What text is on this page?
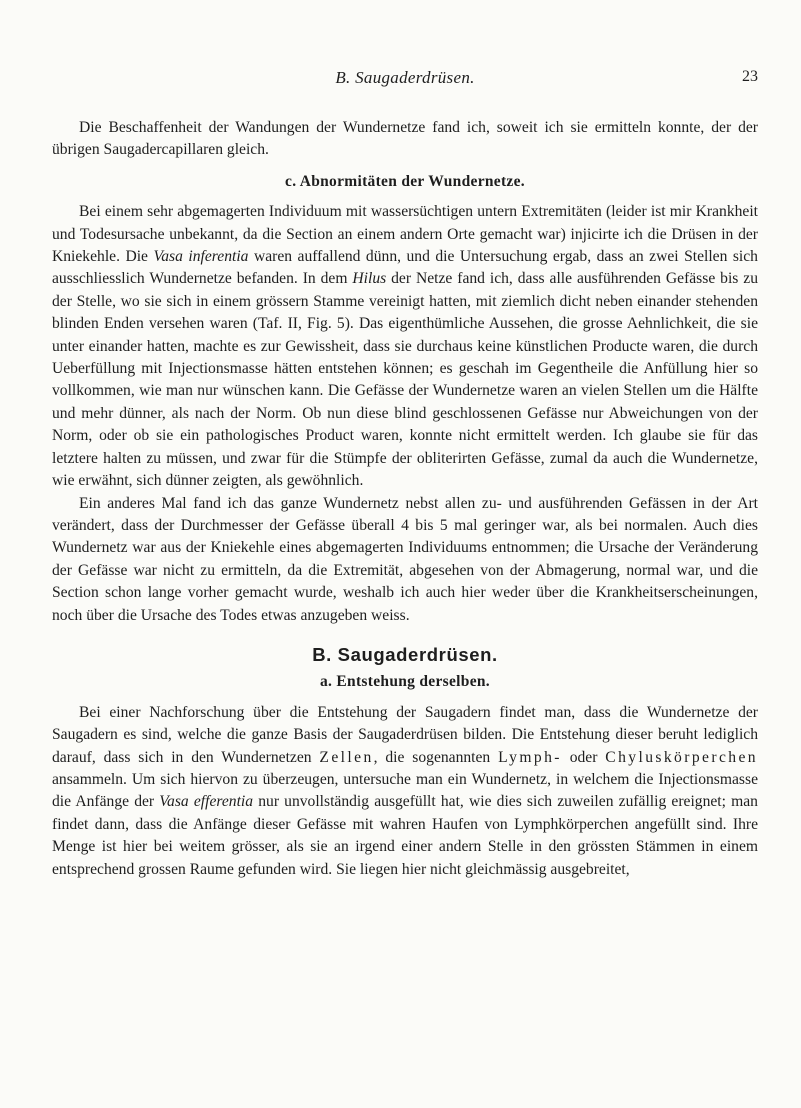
B. Saugaderdrüsen.	23

Die Beschaffenheit der Wandungen der Wundernetze fand ich, soweit ich sie ermitteln konnte, der der übrigen Saugadercapillaren gleich.

c. Abnormitäten der Wundernetze.

Bei einem sehr abgemagerten Individuum mit wassersüchtigen untern Extremitäten (leider ist mir Krankheit und Todesursache unbekannt, da die Section an einem andern Orte gemacht war) injicirte ich die Drüsen in der Kniekehle. Die Vasa inferentia waren auffallend dünn, und die Untersuchung ergab, dass an zwei Stellen sich ausschliesslich Wundernetze befanden. In dem Hilus der Netze fand ich, dass alle ausführenden Gefässe bis zu der Stelle, wo sie sich in einem grössern Stamme vereinigt hatten, mit ziemlich dicht neben einander stehenden blinden Enden versehen waren (Taf. II, Fig. 5). Das eigenthümliche Aussehen, die grosse Aehnlichkeit, die sie unter einander hatten, machte es zur Gewissheit, dass sie durchaus keine künstlichen Producte waren, die durch Ueberfüllung mit Injectionsmasse hätten entstehen können; es geschah im Gegentheile die Anfüllung hier so vollkommen, wie man nur wünschen kann. Die Gefässe der Wundernetze waren an vielen Stellen um die Hälfte und mehr dünner, als nach der Norm. Ob nun diese blind geschlossenen Gefässe nur Abweichungen von der Norm, oder ob sie ein pathologisches Product waren, konnte nicht ermittelt werden. Ich glaube sie für das letztere halten zu müssen, und zwar für die Stümpfe der obliterirten Gefässe, zumal da auch die Wundernetze, wie erwähnt, sich dünner zeigten, als gewöhnlich.

Ein anderes Mal fand ich das ganze Wundernetz nebst allen zu- und ausführenden Gefässen in der Art verändert, dass der Durchmesser der Gefässe überall 4 bis 5 mal geringer war, als bei normalen. Auch dies Wundernetz war aus der Kniekehle eines abgemagerten Individuums entnommen; die Ursache der Veränderung der Gefässe war nicht zu ermitteln, da die Extremität, abgesehen von der Abmagerung, normal war, und die Section schon lange vorher gemacht wurde, weshalb ich auch hier weder über die Krankheitserscheinungen, noch über die Ursache des Todes etwas anzugeben weiss.

B. Saugaderdrüsen.
a. Entstehung derselben.

Bei einer Nachforschung über die Entstehung der Saugadern findet man, dass die Wundernetze der Saugadern es sind, welche die ganze Basis der Saugaderdrüsen bilden. Die Entstehung dieser beruht lediglich darauf, dass sich in den Wundernetzen Zellen, die sogenannten Lymph- oder Chyluskörperchen ansammeln. Um sich hiervon zu überzeugen, untersuche man ein Wundernetz, in welchem die Injectionsmasse die Anfänge der Vasa efferentia nur unvollständig ausgefüllt hat, wie dies sich zuweilen zufällig ereignet; man findet dann, dass die Anfänge dieser Gefässe mit wahren Haufen von Lymphkörperchen angefüllt sind. Ihre Menge ist hier bei weitem grösser, als sie an irgend einer andern Stelle in den grössten Stämmen in einem entsprechend grossen Raume gefunden wird. Sie liegen hier nicht gleichmässig ausgebreitet,
